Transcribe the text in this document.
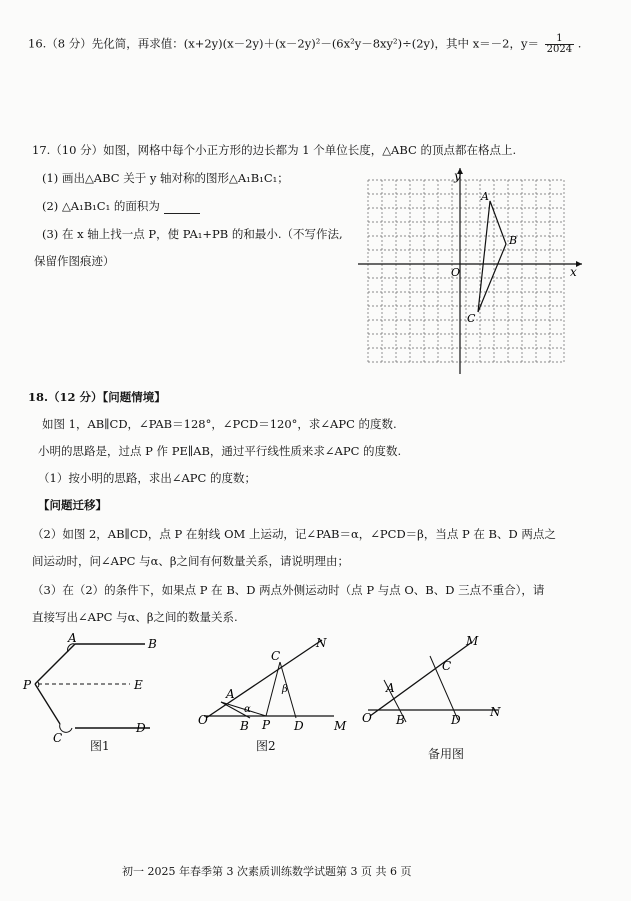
16.（8 分）先化简，再求值：(x+2y)(x－2y)＋(x－2y)²－(6x²y－8xy²)÷(2y)，其中 x＝－2，$y= \frac{1}{2024}$ .
17.（10 分）如图，网格中每个小正方形的边长都为 1 个单位长度，△ABC 的顶点都在格点上.
(1) 画出△ABC 关于 y 轴对称的图形△A₁B₁C₁；
(2) △A₁B₁C₁ 的面积为
(3) 在 x 轴上找一点 P，使 PA₁+PB 的和最小.（不写作法,
保留作图痕迹）
y
x
O
A
B
C
18.（12 分）【问题情境】
如图 1，AB∥CD，∠PAB＝128°，∠PCD＝120°，求∠APC 的度数.
小明的思路是，过点 P 作 PE∥AB，通过平行线性质来求∠APC 的度数.
（1）按小明的思路，求出∠APC 的度数；
【问题迁移】
（2）如图 2，AB∥CD，点 P 在射线 OM 上运动，记∠PAB＝α，∠PCD＝β，当点 P 在 B、D 两点之
间运动时，问∠APC 与α、β之间有何数量关系，请说明理由；
（3）在（2）的条件下，如果点 P 在 B、D 两点外侧运动时（点 P 与点 O、B、D 三点不重合），请
直接写出∠APC 与α、β之间的数量关系.
A	B
P	E
C
D
图1
C
N
A
α
β
O	B P D	M
图2
M
C
A
O B	D
N
备用图
初一 2025 年春季第 3 次素质训练数学试题第 3 页 共 6 页
